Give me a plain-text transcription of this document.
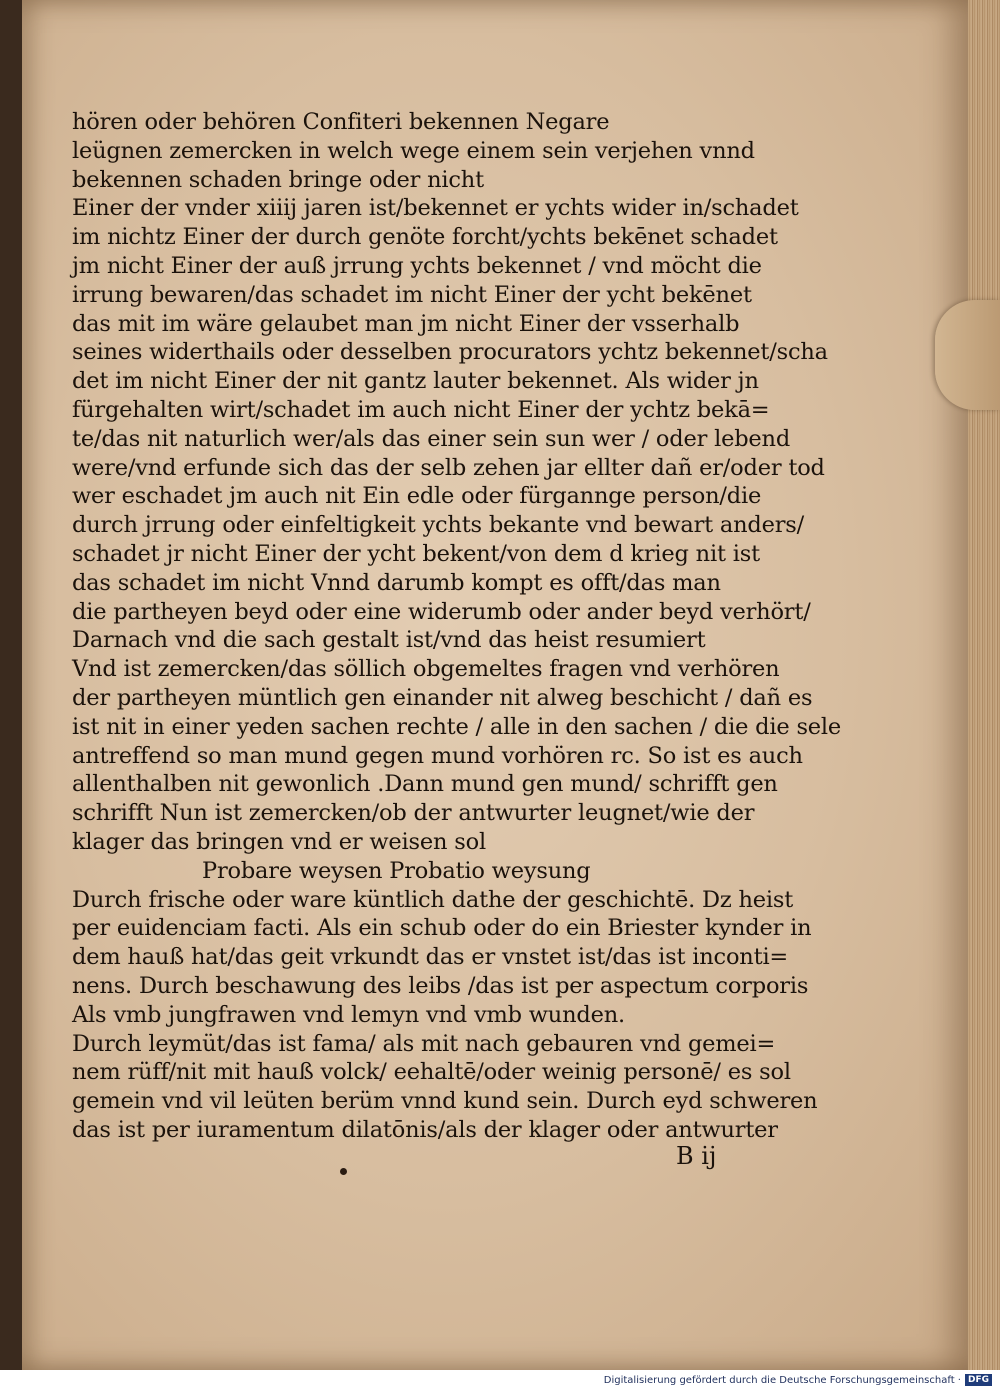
hören oder behören Confiteri bekennen Negare
leügnen zemercken in welch wege einem sein verjehen vnnd
bekennen schaden bringe oder nicht
Einer der vnder xiiij jaren ist/bekennet er ychts wider in/schadet
im nichtz Einer der durch genöte forcht/ychts bekēnet schadet
jm nicht Einer der auß jrrung ychts bekennet / vnd möcht die
irrung bewaren/das schadet im nicht Einer der ycht bekēnet
das mit im wäre gelaubet man jm nicht Einer der vsserhalb
seines widerthails oder desselben procurators ychtz bekennet/scha
det im nicht Einer der nit gantz lauter bekennet. Als wider jn
fürgehalten wirt/schadet im auch nicht Einer der ychtz bekā=
te/das nit naturlich wer/als das einer sein sun wer / oder lebend
were/vnd erfunde sich das der selb zehen jar ellter dañ er/oder tod
wer eschadet jm auch nit Ein edle oder fürgannge person/die
durch jrrung oder einfeltigkeit ychts bekante vnd bewart anders/
schadet jr nicht Einer der ycht bekent/von dem d krieg nit ist
das schadet im nicht Vnnd darumb kompt es offt/das man
die partheyen beyd oder eine widerumb oder ander beyd verhört/
Darnach vnd die sach gestalt ist/vnd das heist resumiert
Vnd ist zemercken/das söllich obgemeltes fragen vnd verhören
der partheyen müntlich gen einander nit alweg beschicht / dañ es
ist nit in einer yeden sachen rechte / alle in den sachen / die die sele
antreffend so man mund gegen mund vorhören rc. So ist es auch
allenthalben nit gewonlich .Dann mund gen mund/ schrifft gen
schrifft Nun ist zemercken/ob der antwurter leugnet/wie der
klager das bringen vnd er weisen sol
Probare weysen Probatio weysung
Durch frische oder ware küntlich dathe der geschichtē. Dz heist
per euidenciam facti. Als ein schub oder do ein Briester kynder in
dem hauß hat/das geit vrkundt das er vnstet ist/das ist inconti=
nens. Durch beschawung des leibs /das ist per aspectum corporis
Als vmb jungfrawen vnd lemyn vnd vmb wunden.
Durch leymüt/das ist fama/ als mit nach gebauren vnd gemei=
nem rüff/nit mit hauß volck/ eehaltē/oder weinig personē/ es sol
gemein vnd vil leüten berüm vnnd kund sein. Durch eyd schweren
das ist per iuramentum dilatōnis/als der klager oder antwurter
B ij
Digitalisierung gefördert durch die Deutsche Forschungsgemeinschaft · DFG
